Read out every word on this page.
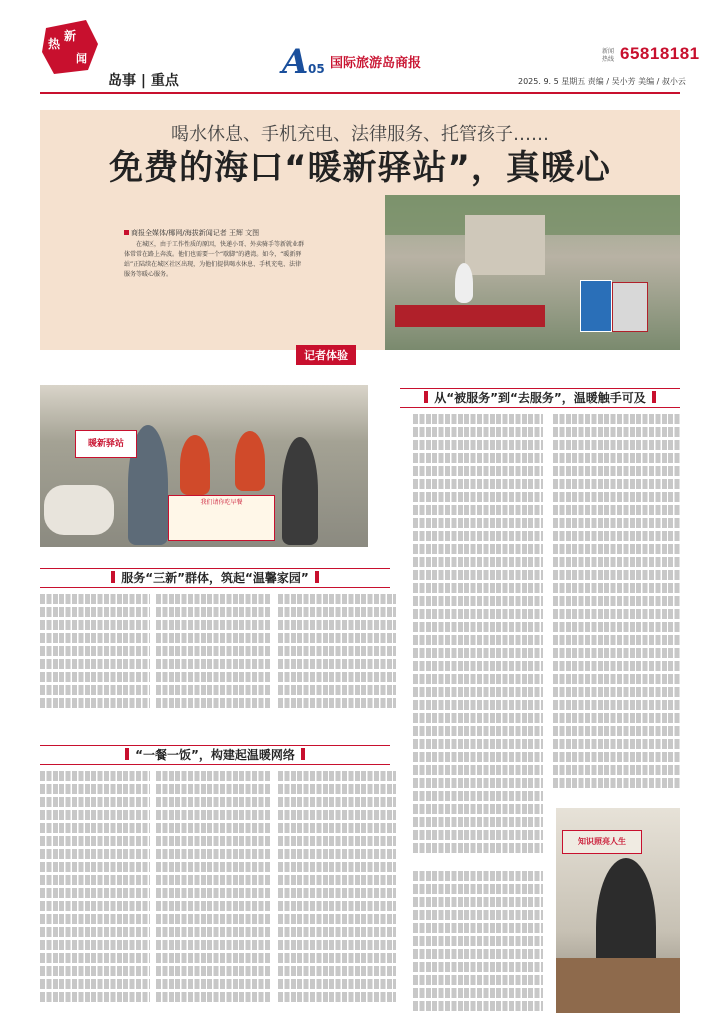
热
新
闻
岛事 | 重点	A 05 国际旅游岛商报
新闻热线 65818181
2025. 9. 5 星期五 责编 / 吴小芳 美编 / 叔小云
喝水休息、手机充电、法律服务、托管孩子……
免费的海口“暖新驿站”，真暖心
商报全媒体/椰网/海拔新闻记者 王辉 文图
在城区，由于工作性质的原因，快递小哥、外卖骑手等新就业群体常常在路上奔波。他们也需要一个“歇脚”的港湾。如今，“暖新驿站”正陆续在城区社区出现，为他们提供喝水休息、手机充电、法律服务等暖心服务。
记者体验
暖新驿站
我们请你吃早餐
从“被服务”到“去服务”，温暖触手可及
服务“三新”群体，筑起“温馨家园”
“一餐一饭”，构建起温暖网络
知识照亮人生
